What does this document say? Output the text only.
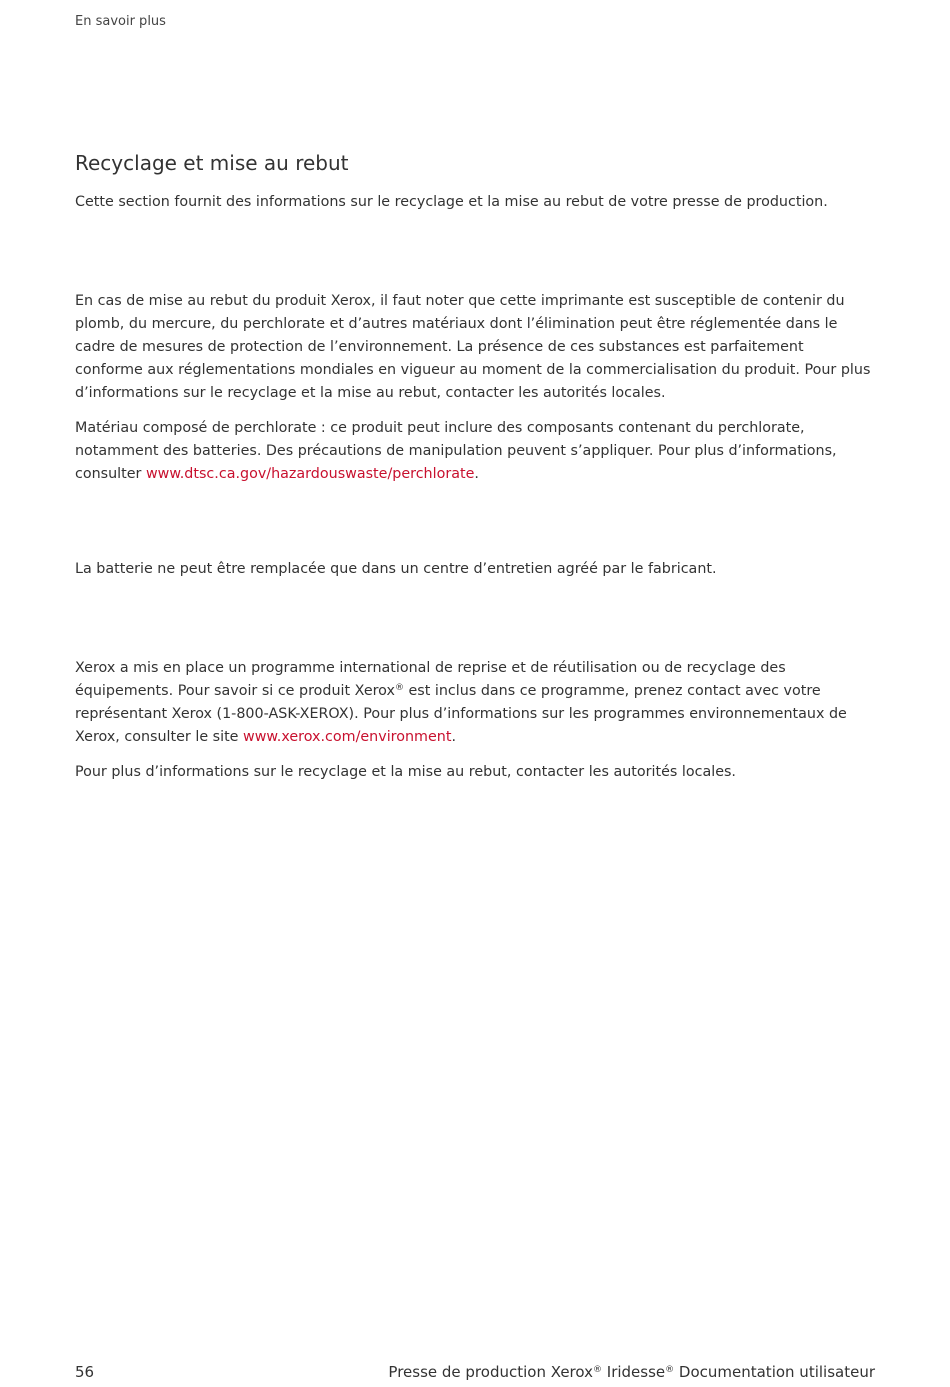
En savoir plus
Recyclage et mise au rebut

Cette section fournit des informations sur le recyclage et la mise au rebut de votre presse de production.

En cas de mise au rebut du produit Xerox, il faut noter que cette imprimante est susceptible de contenir du plomb, du mercure, du perchlorate et d’autres matériaux dont l’élimination peut être réglementée dans le cadre de mesures de protection de l’environnement. La présence de ces substances est parfaitement conforme aux réglementations mondiales en vigueur au moment de la commercialisation du produit. Pour plus d’informations sur le recyclage et la mise au rebut, contacter les autorités locales.

Matériau composé de perchlorate : ce produit peut inclure des composants contenant du perchlorate, notamment des batteries. Des précautions de manipulation peuvent s’appliquer. Pour plus d’informations, consulter www.dtsc.ca.gov/hazardouswaste/perchlorate.

La batterie ne peut être remplacée que dans un centre d’entretien agréé par le fabricant.

Xerox a mis en place un programme international de reprise et de réutilisation ou de recyclage des équipements. Pour savoir si ce produit Xerox® est inclus dans ce programme, prenez contact avec votre représentant Xerox (1-800-ASK-XEROX). Pour plus d’informations sur les programmes environnementaux de Xerox, consulter le site www.xerox.com/environment.

Pour plus d’informations sur le recyclage et la mise au rebut, contacter les autorités locales.

56	Presse de production Xerox® Iridesse® Documentation utilisateur
